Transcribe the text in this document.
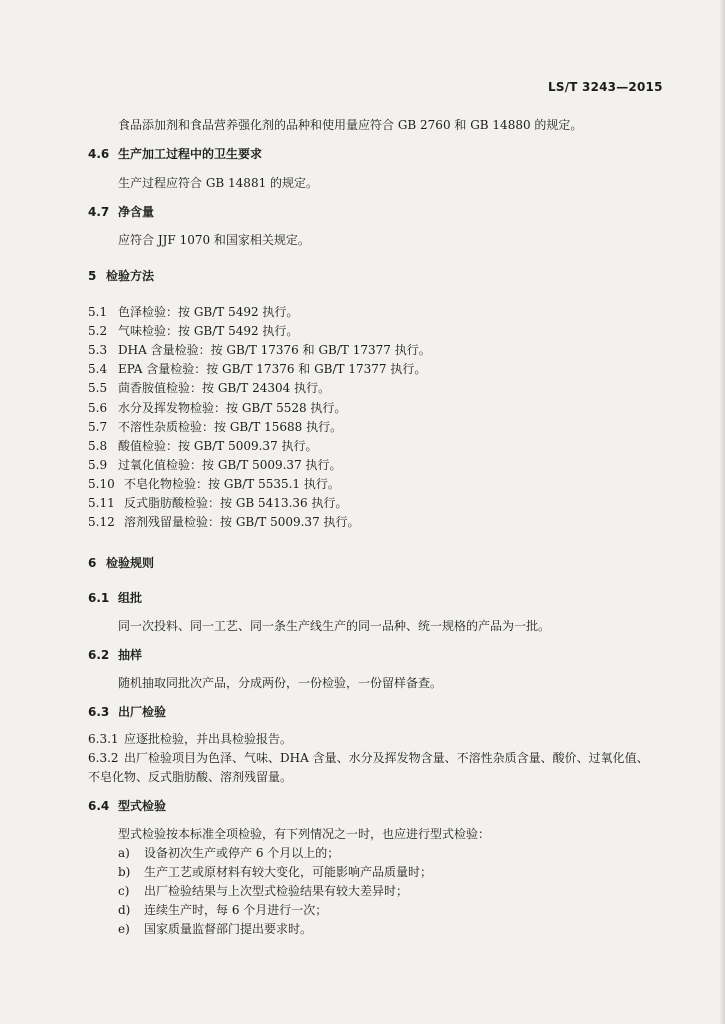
LS/T 3243—2015
食品添加剂和食品营养强化剂的品种和使用量应符合 GB 2760 和 GB 14880 的规定。
4.6 生产加工过程中的卫生要求
生产过程应符合 GB 14881 的规定。
4.7 净含量
应符合 JJF 1070 和国家相关规定。
5 检验方法
5.1 色泽检验：按 GB/T 5492 执行。
5.2 气味检验：按 GB/T 5492 执行。
5.3 DHA 含量检验：按 GB/T 17376 和 GB/T 17377 执行。
5.4 EPA 含量检验：按 GB/T 17376 和 GB/T 17377 执行。
5.5 茴香胺值检验：按 GB/T 24304 执行。
5.6 水分及挥发物检验：按 GB/T 5528 执行。
5.7 不溶性杂质检验：按 GB/T 15688 执行。
5.8 酸值检验：按 GB/T 5009.37 执行。
5.9 过氧化值检验：按 GB/T 5009.37 执行。
5.10 不皂化物检验：按 GB/T 5535.1 执行。
5.11 反式脂肪酸检验：按 GB 5413.36 执行。
5.12 溶剂残留量检验：按 GB/T 5009.37 执行。
6 检验规则
6.1 组批
同一次投料、同一工艺、同一条生产线生产的同一品种、统一规格的产品为一批。
6.2 抽样
随机抽取同批次产品，分成两份，一份检验，一份留样备查。
6.3 出厂检验
6.3.1 应逐批检验，并出具检验报告。
6.3.2 出厂检验项目为色泽、气味、DHA 含量、水分及挥发物含量、不溶性杂质含量、酸价、过氧化值、
不皂化物、反式脂肪酸、溶剂残留量。
6.4 型式检验
型式检验按本标准全项检验，有下列情况之一时，也应进行型式检验：
a) 设备初次生产或停产 6 个月以上的；
b) 生产工艺或原材料有较大变化，可能影响产品质量时；
c) 出厂检验结果与上次型式检验结果有较大差异时；
d) 连续生产时，每 6 个月进行一次；
e) 国家质量监督部门提出要求时。
